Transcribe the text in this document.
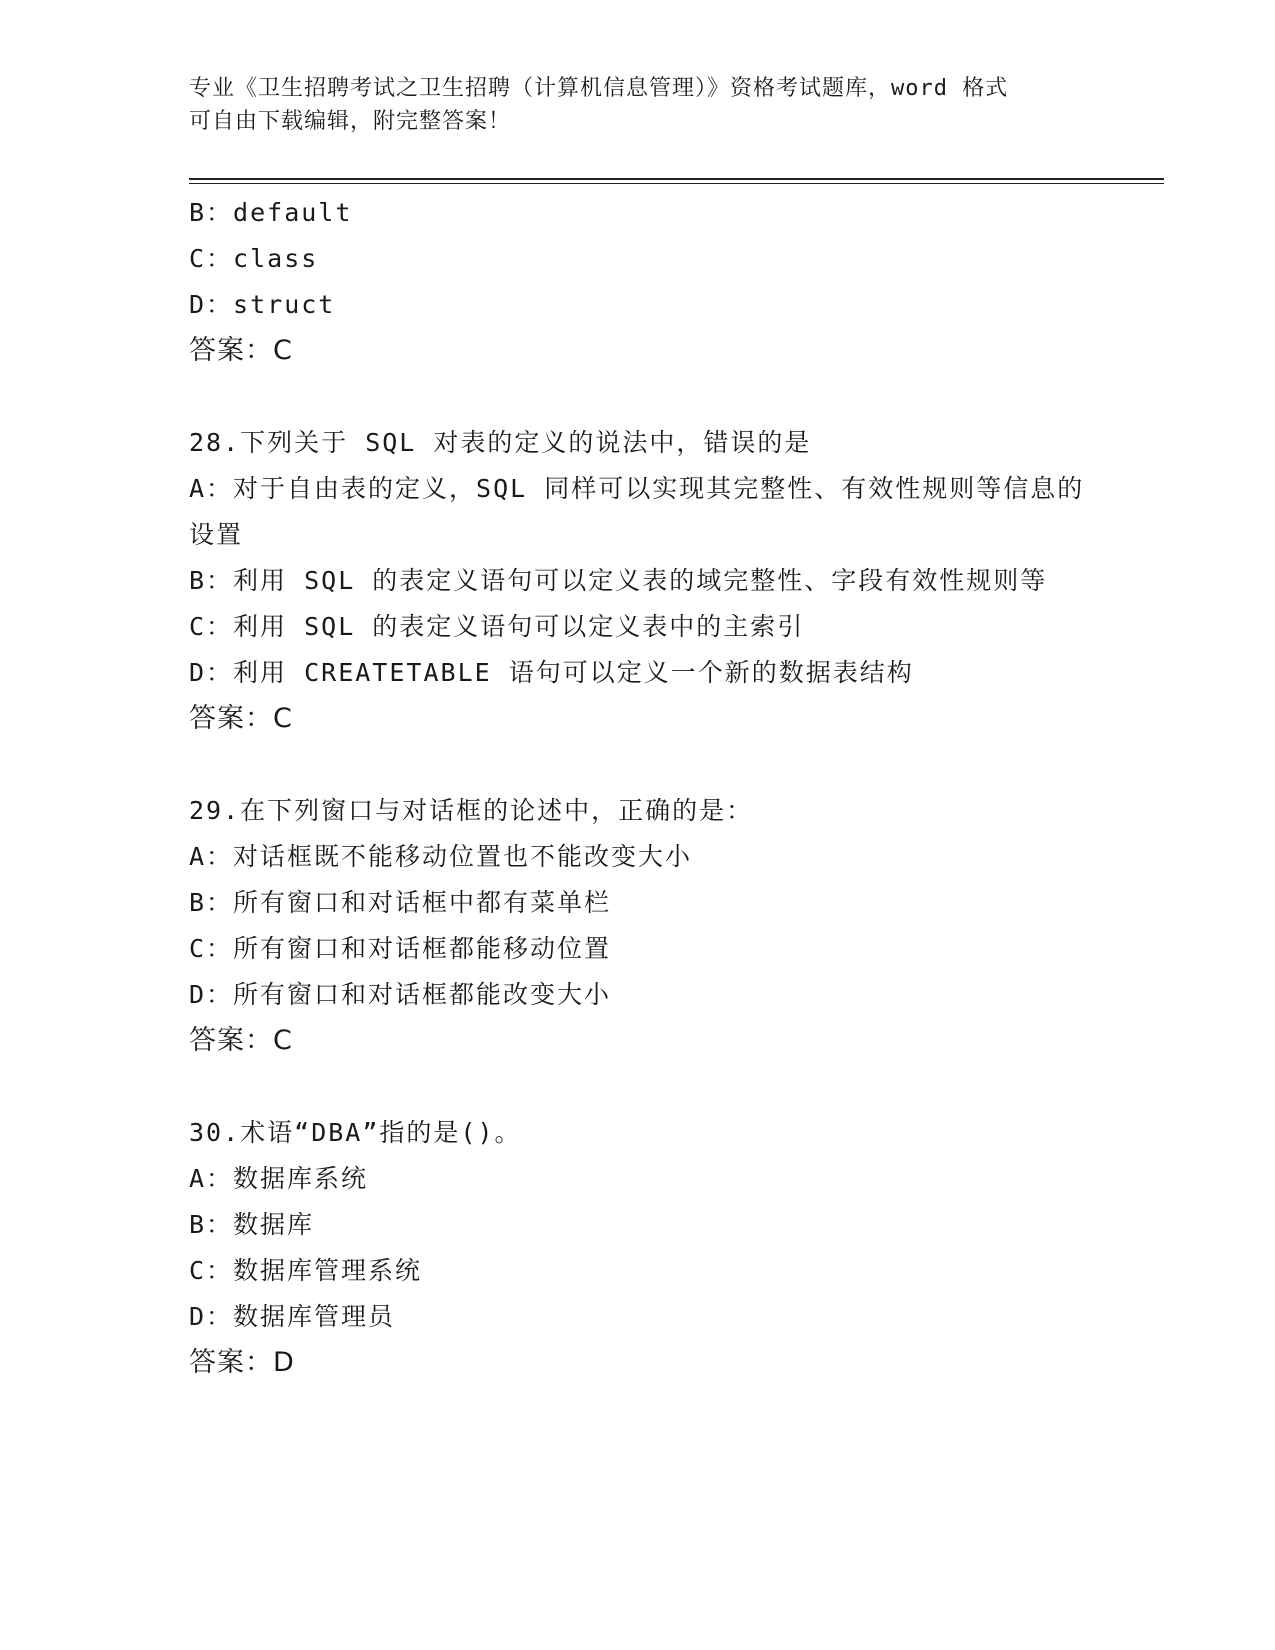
专业《卫生招聘考试之卫生招聘（计算机信息管理）》资格考试题库，word 格式
可自由下载编辑，附完整答案！
B：default
C：class
D：struct
答案：C
28.下列关于 SQL 对表的定义的说法中，错误的是
A：对于自由表的定义，SQL 同样可以实现其完整性、有效性规则等信息的设置
B：利用 SQL 的表定义语句可以定义表的域完整性、字段有效性规则等
C：利用 SQL 的表定义语句可以定义表中的主索引
D：利用 CREATETABLE 语句可以定义一个新的数据表结构
答案：C
29.在下列窗口与对话框的论述中，正确的是：
A：对话框既不能移动位置也不能改变大小
B：所有窗口和对话框中都有菜单栏
C：所有窗口和对话框都能移动位置
D：所有窗口和对话框都能改变大小
答案：C
30.术语“DBA”指的是()。
A：数据库系统
B：数据库
C：数据库管理系统
D：数据库管理员
答案：D
